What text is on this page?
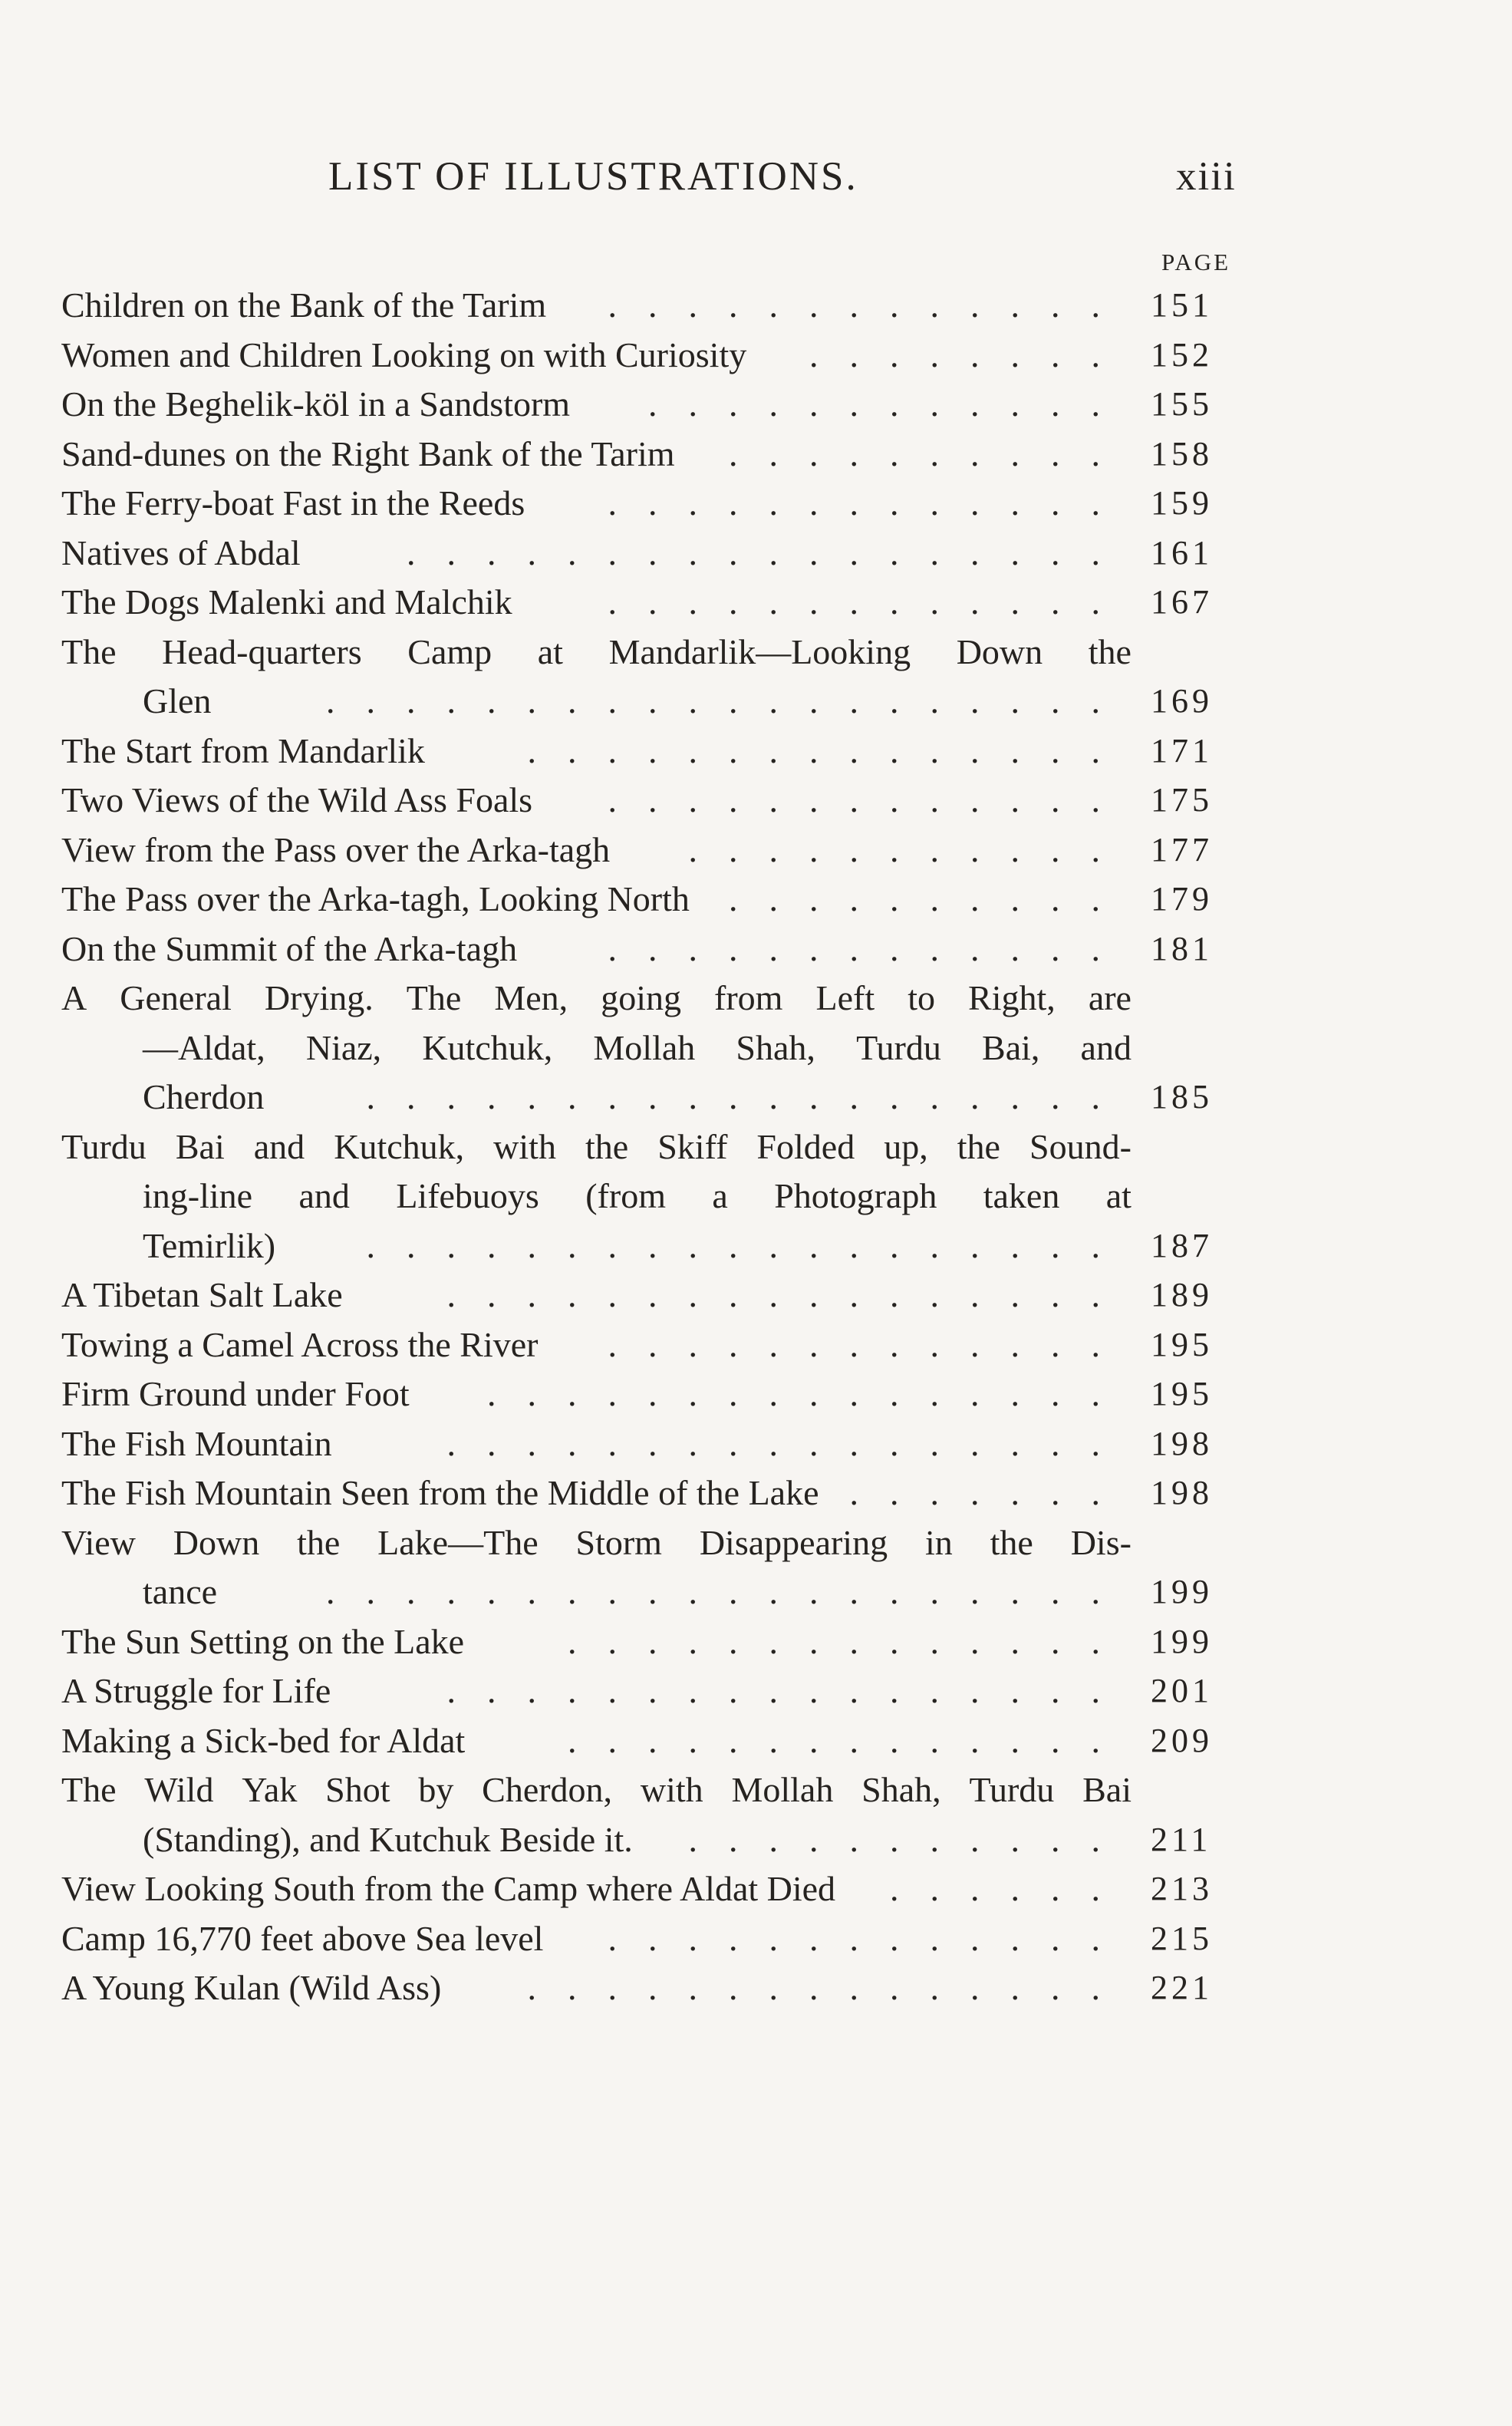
LIST OF ILLUSTRATIONS.	xiii
PAGE
Children on the Bank of the Tarim	............. 151
Women and Children Looking on with Curiosity	........ 152
On the Beghelik-köl in a Sandstorm	............ 155
Sand-dunes on the Right Bank of the Tarim	.......... 158
The Ferry-boat Fast in the Reeds	............. 159
Natives of Abdal	.................. 161
The Dogs Malenki and Malchik	............. 167
The Head-quarters Camp at Mandarlik—Looking Down the
Glen	.................... 169
The Start from Mandarlik	............... 171
Two Views of the Wild Ass Foals	............. 175
View from the Pass over the Arka-tagh	........... 177
The Pass over the Arka-tagh, Looking North	.......... 179
On the Summit of the Arka-tagh	............. 181
A General Drying. The Men, going from Left to Right, are
—Aldat, Niaz, Kutchuk, Mollah Shah, Turdu Bai, and
Cherdon	................... 185
Turdu Bai and Kutchuk, with the Skiff Folded up, the Sound-
ing-line and Lifebuoys (from a Photograph taken at
Temirlik)	................... 187
A Tibetan Salt Lake	................. 189
Towing a Camel Across the River	............. 195
Firm Ground under Foot	................ 195
The Fish Mountain	................. 198
The Fish Mountain Seen from the Middle of the Lake ....... 198
View Down the Lake—The Storm Disappearing in the Dis-
tance	.................... 199
The Sun Setting on the Lake	.............. 199
A Struggle for Life	................. 201
Making a Sick-bed for Aldat	.............. 209
The Wild Yak Shot by Cherdon, with Mollah Shah, Turdu Bai
(Standing), and Kutchuk Beside it.	........... 211
View Looking South from the Camp where Aldat Died	...... 213
Camp 16,770 feet above Sea level	............. 215
A Young Kulan (Wild Ass)	............... 221
